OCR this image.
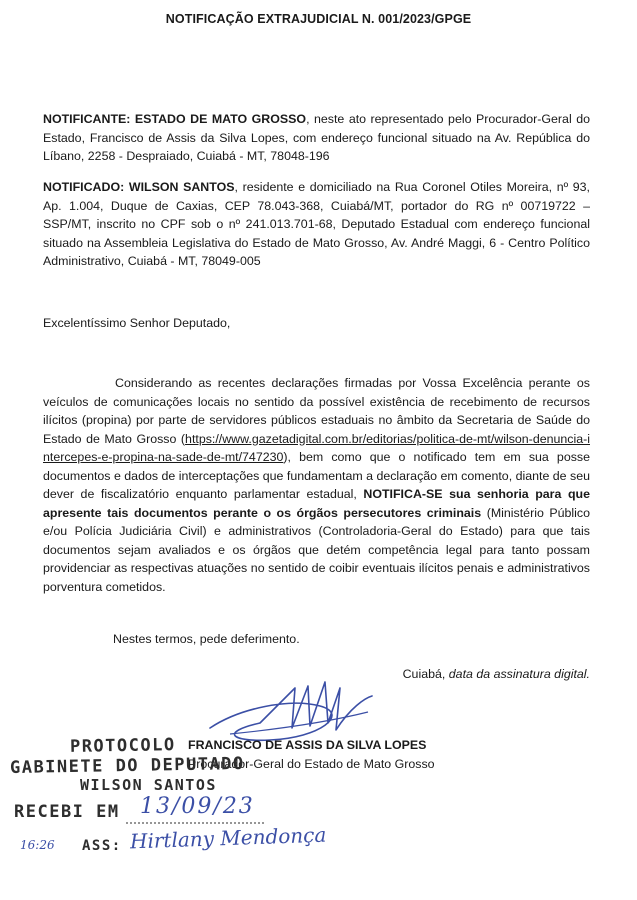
NOTIFICAÇÃO EXTRAJUDICIAL N. 001/2023/GPGE

NOTIFICANTE: ESTADO DE MATO GROSSO, neste ato representado pelo Procurador-Geral do Estado, Francisco de Assis da Silva Lopes, com endereço funcional situado na Av. República do Líbano, 2258 - Despraiado, Cuiabá - MT, 78048-196

NOTIFICADO: WILSON SANTOS, residente e domiciliado na Rua Coronel Otiles Moreira, nº 93, Ap. 1.004, Duque de Caxias, CEP 78.043-368, Cuiabá/MT, portador do RG nº 00719722 – SSP/MT, inscrito no CPF sob o nº 241.013.701-68, Deputado Estadual com endereço funcional situado na Assembleia Legislativa do Estado de Mato Grosso, Av. André Maggi, 6 - Centro Político Administrativo, Cuiabá - MT, 78049-005

Excelentíssimo Senhor Deputado,

Considerando as recentes declarações firmadas por Vossa Excelência perante os veículos de comunicações locais no sentido da possível existência de recebimento de recursos ilícitos (propina) por parte de servidores públicos estaduais no âmbito da Secretaria de Saúde do Estado de Mato Grosso (https://www.gazetadigital.com.br/editorias/politica-de-mt/wilson-denuncia-intercepes-e-propina-na-sade-de-mt/747230), bem como que o notificado tem em sua posse documentos e dados de interceptações que fundamentam a declaração em comento, diante de seu dever de fiscalizatório enquanto parlamentar estadual, NOTIFICA-SE sua senhoria para que apresente tais documentos perante o os órgãos persecutores criminais (Ministério Público e/ou Polícia Judiciária Civil) e administrativos (Controladoria-Geral do Estado) para que tais documentos sejam avaliados e os órgãos que detém competência legal para tanto possam providenciar as respectivas atuações no sentido de coibir eventuais ilícitos penais e administrativos porventura cometidos.

Nestes termos, pede deferimento.
Cuiabá, data da assinatura digital.
FRANCISCO DE ASSIS DA SILVA LOPES
Procurador-Geral do Estado de Mato Grosso
PROTOCOLO
GABINETE DO DEPUTADO
WILSON SANTOS
RECEBI EM
ASS:
13/09/23
16:26	Hirtlany Mendonça
